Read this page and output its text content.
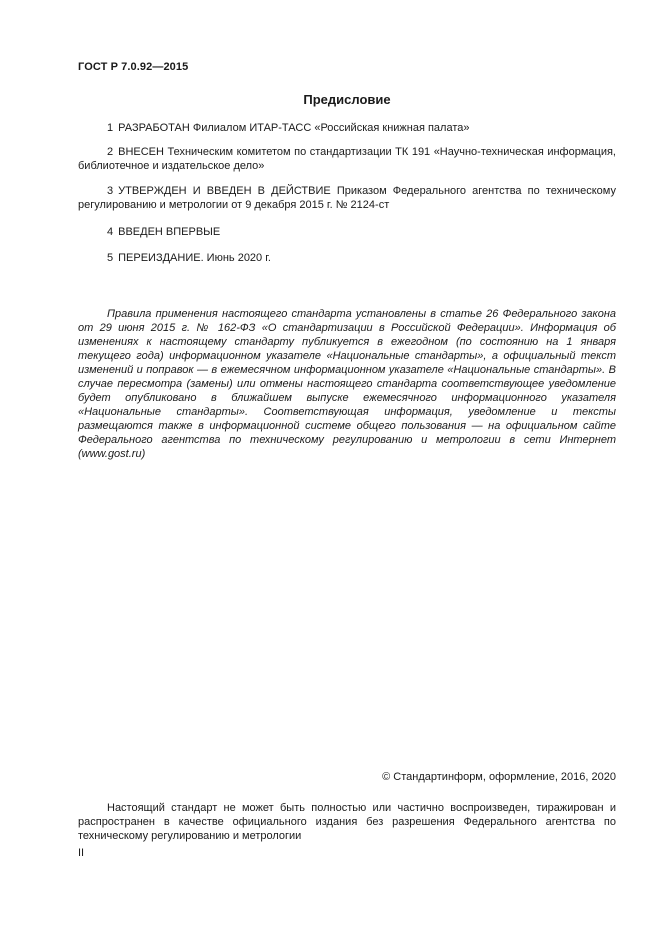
ГОСТ Р 7.0.92—2015
Предисловие
1 РАЗРАБОТАН Филиалом ИТАР-ТАСС «Российская книжная палата»
2 ВНЕСЕН Техническим комитетом по стандартизации ТК 191 «Научно-техническая информация, библиотечное и издательское дело»
3 УТВЕРЖДЕН И ВВЕДЕН В ДЕЙСТВИЕ Приказом Федерального агентства по техническому регулированию и метрологии от 9 декабря 2015 г. № 2124-ст
4 ВВЕДЕН ВПЕРВЫЕ
5 ПЕРЕИЗДАНИЕ. Июнь 2020 г.
Правила применения настоящего стандарта установлены в статье 26 Федерального закона от 29 июня 2015 г. № 162-ФЗ «О стандартизации в Российской Федерации». Информация об изменениях к настоящему стандарту публикуется в ежегодном (по состоянию на 1 января текущего года) информационном указателе «Национальные стандарты», а официальный текст изменений и поправок — в ежемесячном информационном указателе «Национальные стандарты». В случае пересмотра (замены) или отмены настоящего стандарта соответствующее уведомление будет опубликовано в ближайшем выпуске ежемесячного информационного указателя «Национальные стандарты». Соответствующая информация, уведомление и тексты размещаются также в информационной системе общего пользования — на официальном сайте Федерального агентства по техническому регулированию и метрологии в сети Интернет (www.gost.ru)
© Стандартинформ, оформление, 2016, 2020
Настоящий стандарт не может быть полностью или частично воспроизведен, тиражирован и распространен в качестве официального издания без разрешения Федерального агентства по техническому регулированию и метрологии
II
